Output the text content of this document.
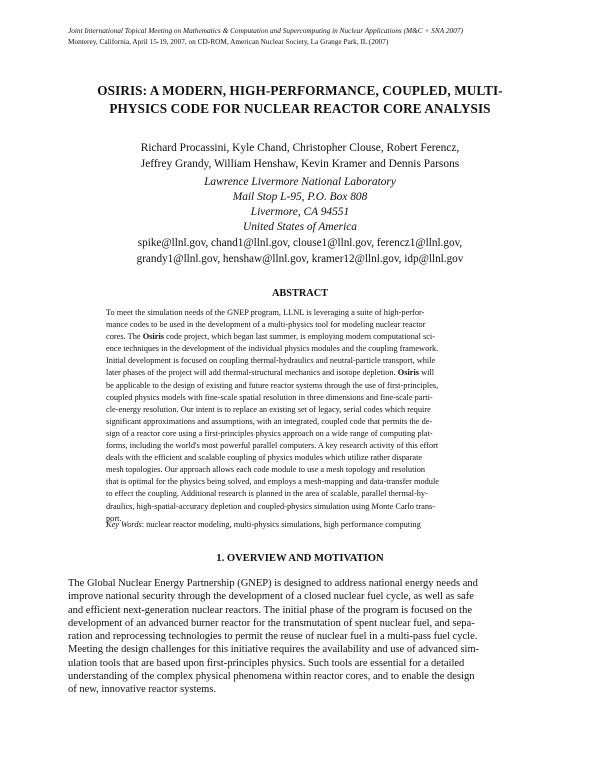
Joint International Topical Meeting on Mathematics & Computation and Supercomputing in Nuclear Applications (M&C + SNA 2007)
Monterey, California, April 15-19, 2007, on CD-ROM, American Nuclear Society, La Grange Park, IL (2007)
OSIRIS: A MODERN, HIGH-PERFORMANCE, COUPLED, MULTI-
PHYSICS CODE FOR NUCLEAR REACTOR CORE ANALYSIS
Richard Procassini, Kyle Chand, Christopher Clouse, Robert Ferencz,
Jeffrey Grandy, William Henshaw, Kevin Kramer and Dennis Parsons
Lawrence Livermore National Laboratory
Mail Stop L-95, P.O. Box 808
Livermore, CA 94551
United States of America
spike@llnl.gov, chand1@llnl.gov, clouse1@llnl.gov, ferencz1@llnl.gov,
grandy1@llnl.gov, henshaw@llnl.gov, kramer12@llnl.gov, idp@llnl.gov
ABSTRACT
To meet the simulation needs of the GNEP program, LLNL is leveraging a suite of high-perfor-
mance codes to be used in the development of a multi-physics tool for modeling nuclear reactor
cores. The Osiris code project, which began last summer, is employing modern computational sci-
ence techniques in the development of the individual physics modules and the coupling framework.
Initial development is focused on coupling thermal-hydraulics and neutral-particle transport, while
later phases of the project will add thermal-structural mechanics and isotope depletion. Osiris will
be applicable to the design of existing and future reactor systems through the use of first-principles,
coupled physics models with fine-scale spatial resolution in three dimensions and fine-scale parti-
cle-energy resolution. Our intent is to replace an existing set of legacy, serial codes which require
significant approximations and assumptions, with an integrated, coupled code that permits the de-
sign of a reactor core using a first-principles physics approach on a wide range of computing plat-
forms, including the world's most powerful parallel computers. A key research activity of this effort
deals with the efficient and scalable coupling of physics modules which utilize rather disparate
mesh topologies. Our approach allows each code module to use a mesh topology and resolution
that is optimal for the physics being solved, and employs a mesh-mapping and data-transfer module
to effect the coupling. Additional research is planned in the area of scalable, parallel thermal-hy-
draulics, high-spatial-accuracy depletion and coupled-physics simulation using Monte Carlo trans-
port.
Key Words: nuclear reactor modeling, multi-physics simulations, high performance computing
1. OVERVIEW AND MOTIVATION
The Global Nuclear Energy Partnership (GNEP) is designed to address national energy needs and
improve national security through the development of a closed nuclear fuel cycle, as well as safe
and efficient next-generation nuclear reactors. The initial phase of the program is focused on the
development of an advanced burner reactor for the transmutation of spent nuclear fuel, and sepa-
ration and reprocessing technologies to permit the reuse of nuclear fuel in a multi-pass fuel cycle.
Meeting the design challenges for this initiative requires the availability and use of advanced sim-
ulation tools that are based upon first-principles physics. Such tools are essential for a detailed
understanding of the complex physical phenomena within reactor cores, and to enable the design
of new, innovative reactor systems.
